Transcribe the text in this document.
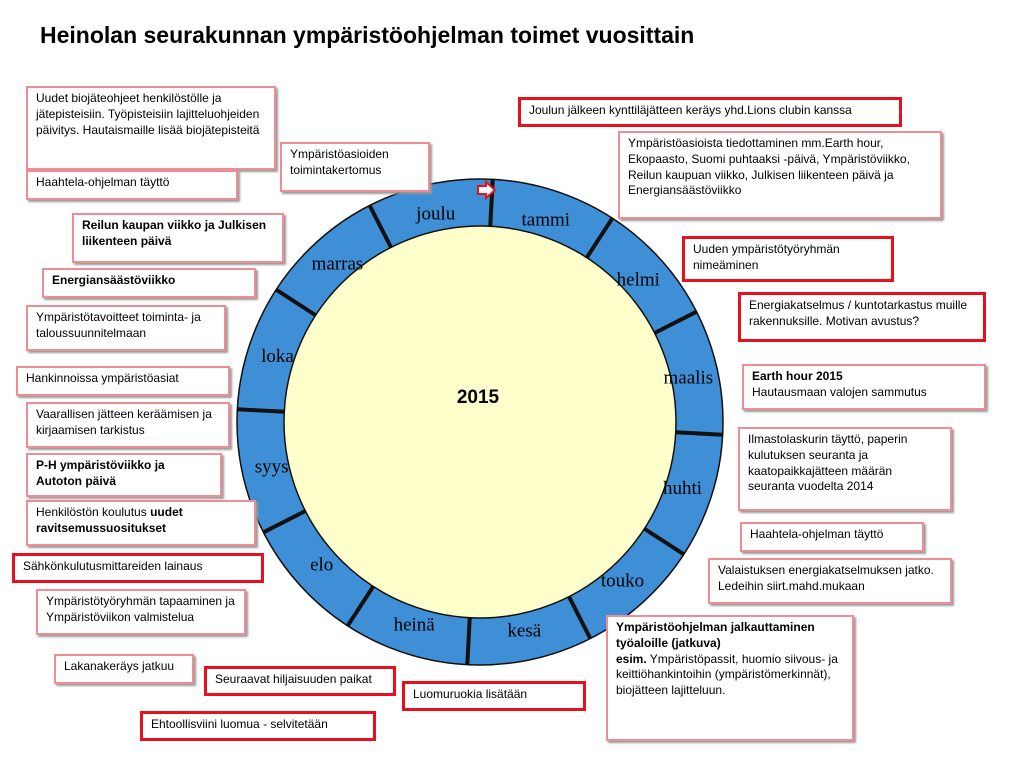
Heinolan seurakunnan ympäristöohjelman toimet vuosittain
tammi
helmi
maalis
huhti
touko
kesä
heinä
elo
syys
loka
marras
joulu
2015
Uudet biojäteohjeet henkilöstölle ja jätepisteisiin. Työpisteisiin lajitteluohjeiden päivitys. Hautaismaille lisää biojätepisteitä
Haahtela-ohjelman täyttö
Ympäristöasioiden toimintakertomus
Reilun kaupan viikko ja Julkisen liikenteen päivä
Energiansäästöviikko
Ympäristötavoitteet toiminta- ja taloussuunnitelmaan
Hankinnoissa ympäristöasiat
Vaarallisen jätteen keräämisen ja kirjaamisen tarkistus
P-H ympäristöviikko ja Autoton päivä
Henkilöstön koulutus uudet ravitsemussuositukset
Sähkönkulutusmittareiden lainaus
Ympäristötyöryhmän tapaaminen ja Ympäristöviikon valmistelua
Lakanakeräys jatkuu
Seuraavat hiljaisuuden paikat
Luomuruokia lisätään
Ehtoollisviini luomua - selvitetään
Joulun jälkeen kynttiläjätteen keräys yhd.Lions clubin kanssa
Ympäristöasioista tiedottaminen mm.Earth hour, Ekopaasto, Suomi puhtaaksi -päivä, Ympäristöviikko, Reilun kaupuan viikko, Julkisen liikenteen päivä ja Energiansäästöviikko
Uuden ympäristötyöryhmän nimeäminen
Energiakatselmus / kuntotarkastus muille rakennuksille. Motivan avustus?
Earth hour 2015
Hautausmaan valojen sammutus
Ilmastolaskurin täyttö, paperin kulutuksen seuranta ja kaatopaikkajätteen määrän seuranta vuodelta 2014
Haahtela-ohjelman täyttö
Valaistuksen energiakatselmuksen jatko. Ledeihin siirt.mahd.mukaan
Ympäristöohjelman jalkauttaminen työaloille (jatkuva)
esim. Ympäristöpassit, huomio siivous- ja keittiöhankintoihin (ympäristömerkinnät), biojätteen lajitteluun.
